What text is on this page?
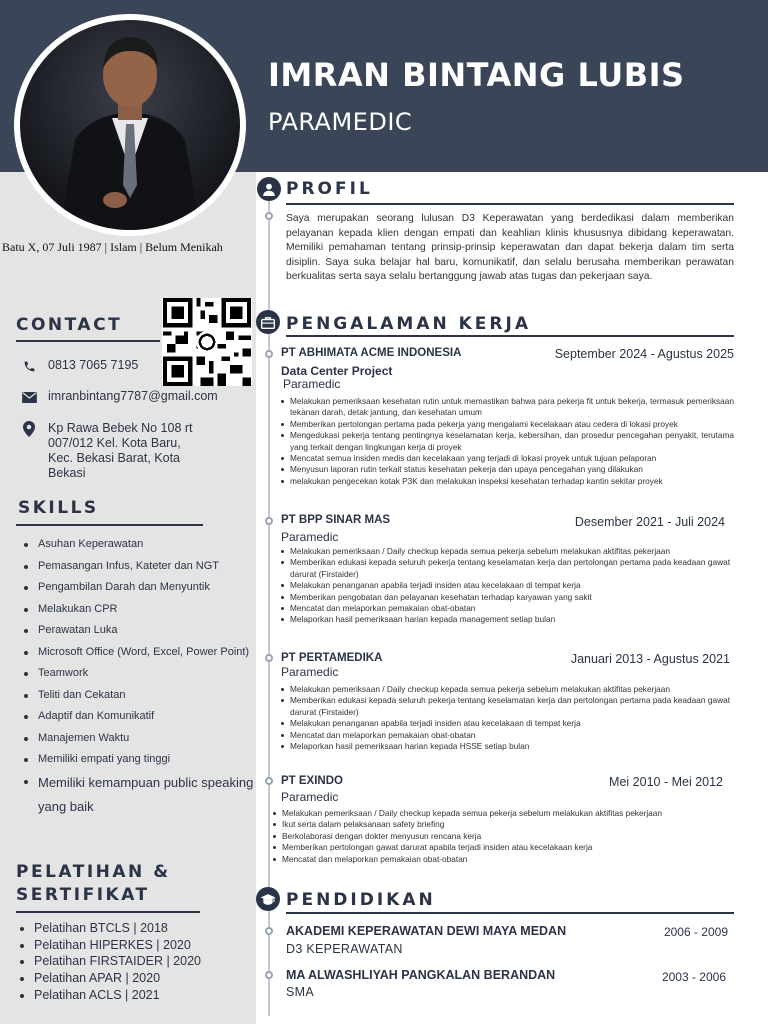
IMRAN BINTANG LUBIS
PARAMEDIC
Batu X, 07 Juli 1987 | Islam | Belum Menikah
CONTACT
0813 7065 7195
imranbintang7787@gmail.com
Kp Rawa Bebek No 108 rt
007/012 Kel. Kota Baru,
Kec. Bekasi Barat, Kota
Bekasi
SKILLS
Asuhan Keperawatan
Pemasangan Infus, Kateter dan NGT
Pengambilan Darah dan Menyuntik
Melakukan CPR
Perawatan Luka
Microsoft Office (Word, Excel, Power Point)
Teamwork
Teliti dan Cekatan
Adaptif dan Komunikatif
Manajemen Waktu
Memiliki empati yang tinggi
Memiliki kemampuan public speaking yang baik
PELATIHAN &
SERTIFIKAT
Pelatihan BTCLS | 2018
Pelatihan HIPERKES | 2020
Pelatihan FIRSTAIDER | 2020
Pelatihan APAR | 2020
Pelatihan ACLS | 2021
PROFIL
Saya merupakan seorang lulusan D3 Keperawatan yang berdedikasi dalam memberikan pelayanan kepada klien dengan empati dan keahlian klinis khususnya dibidang keperawatan. Memiliki pemahaman tentang prinsip-prinsip keperawatan dan dapat bekerja dalam tim serta disiplin. Saya suka belajar hal baru, komunikatif, dan selalu berusaha memberikan perawatan berkualitas serta saya selalu bertanggung jawab atas tugas dan pekerjaan saya.
PENGALAMAN KERJA
PT ABHIMATA ACME INDONESIA	September 2024 - Agustus 2025
Data Center Project
Paramedic
Melakukan pemeriksaan kesehatan rutin untuk memastikan bahwa para pekerja fit untuk bekerja, termasuk pemeriksaan tekanan darah, detak jantung, dan kesehatan umum
Memberikan pertolongan pertama pada pekerja yang mengalami kecelakaan atau cedera di lokasi proyek
Mengedukasi pekerja tentang pentingnya keselamatan kerja, kebersihan, dan prosedur pencegahan penyakit, terutama yang terkait dengan lingkungan kerja di proyek
Mencatat semua insiden medis dan kecelakaan yang terjadi di lokasi proyek untuk tujuan pelaporan
Menyusun laporan rutin terkait status kesehatan pekerja dan upaya pencegahan yang dilakukan
melakukan pengecekan kotak P3K dan melakukan inspeksi kesehatan terhadap kantin sekitar proyek
PT BPP SINAR MAS	Desember 2021 - Juli 2024
Paramedic
Melakukan pemeriksaan / Daily checkup kepada semua pekerja sebelum melakukan aktifitas pekerjaan
Memberikan edukasi kepada seluruh pekerja tentang keselamatan kerja dan pertolongan pertama pada keadaan gawat darurat (Firstaider)
Melakukan penanganan apabila terjadi insiden atau kecelakaan di tempat kerja
Memberikan pengobatan dan pelayanan kesehatan terhadap karyawan yang sakit
Mencatat dan melaporkan pemakaian obat-obatan
Melaporkan hasil pemeriksaan harian kepada management setiap bulan
PT PERTAMEDIKA	Januari 2013 - Agustus 2021
Paramedic
Melakukan pemeriksaan / Daily checkup kepada semua pekerja sebelum melakukan aktifitas pekerjaan
Memberikan edukasi kepada seluruh pekerja tentang keselamatan kerja dan pertolongan pertama pada keadaan gawat darurat (Firstaider)
Melakukan penanganan apabila terjadi insiden atau kecelakaan di tempat kerja
Mencatat dan melaporkan pemakaian obat-obatan
Melaporkan hasil pemeriksaan harian kepada HSSE setiap bulan
PT EXINDO	Mei 2010 - Mei 2012
Paramedic
Melakukan pemeriksaan / Daily checkup kepada semua pekerja sebelum melakukan aktifitas pekerjaan
Ikut serta dalam pelaksanaan safety briefing
Berkolaborasi dengan dokter menyusun rencana kerja
Memberikan pertolongan gawat darurat apabila terjadi insiden atau kecelakaan kerja
Mencatat dan melaporkan pemakaian obat-obatan
PENDIDIKAN
AKADEMI KEPERAWATAN DEWI MAYA MEDAN	2006 - 2009
D3 KEPERAWATAN
MA ALWASHLIYAH PANGKALAN BERANDAN	2003 - 2006
SMA
